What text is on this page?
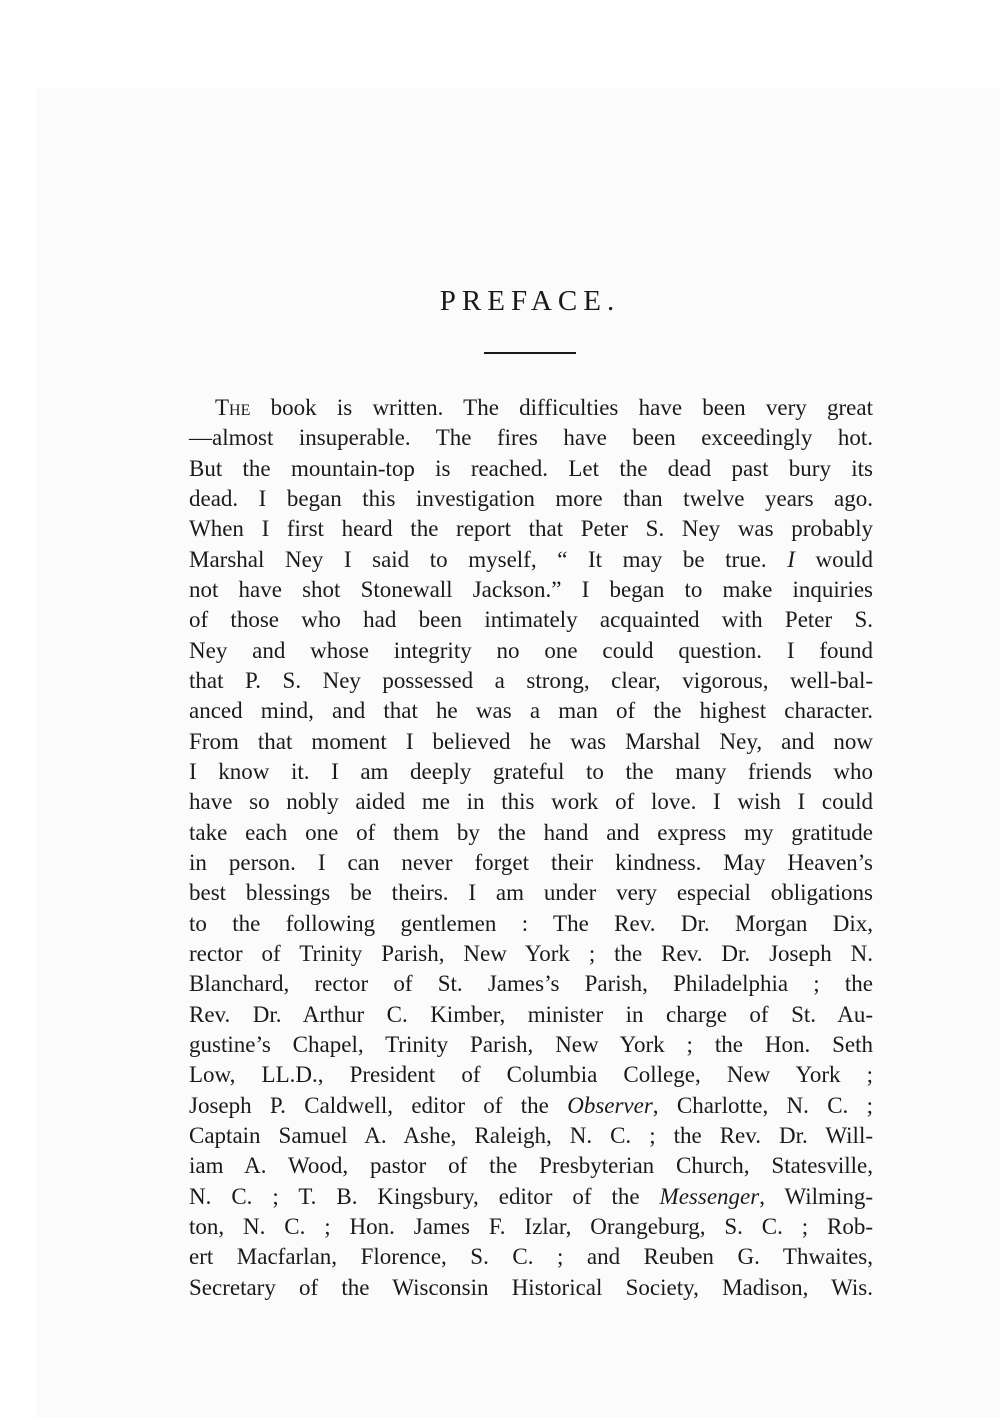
PREFACE.
The book is written. The difficulties have been very great
—almost insuperable. The fires have been exceedingly hot.
But the mountain-top is reached. Let the dead past bury its
dead. I began this investigation more than twelve years ago.
When I first heard the report that Peter S. Ney was probably
Marshal Ney I said to myself, “ It may be true. I would
not have shot Stonewall Jackson.” I began to make inquiries
of those who had been intimately acquainted with Peter S.
Ney and whose integrity no one could question. I found
that P. S. Ney possessed a strong, clear, vigorous, well-bal-
anced mind, and that he was a man of the highest character.
From that moment I believed he was Marshal Ney, and now
I know it. I am deeply grateful to the many friends who
have so nobly aided me in this work of love. I wish I could
take each one of them by the hand and express my gratitude
in person. I can never forget their kindness. May Heaven’s
best blessings be theirs. I am under very especial obligations
to the following gentlemen : The Rev. Dr. Morgan Dix,
rector of Trinity Parish, New York ; the Rev. Dr. Joseph N.
Blanchard, rector of St. James’s Parish, Philadelphia ; the
Rev. Dr. Arthur C. Kimber, minister in charge of St. Au-
gustine’s Chapel, Trinity Parish, New York ; the Hon. Seth
Low, LL.D., President of Columbia College, New York ;
Joseph P. Caldwell, editor of the Observer, Charlotte, N. C. ;
Captain Samuel A. Ashe, Raleigh, N. C. ; the Rev. Dr. Will-
iam A. Wood, pastor of the Presbyterian Church, Statesville,
N. C. ; T. B. Kingsbury, editor of the Messenger, Wilming-
ton, N. C. ; Hon. James F. Izlar, Orangeburg, S. C. ; Rob-
ert Macfarlan, Florence, S. C. ; and Reuben G. Thwaites,
Secretary of the Wisconsin Historical Society, Madison, Wis.
